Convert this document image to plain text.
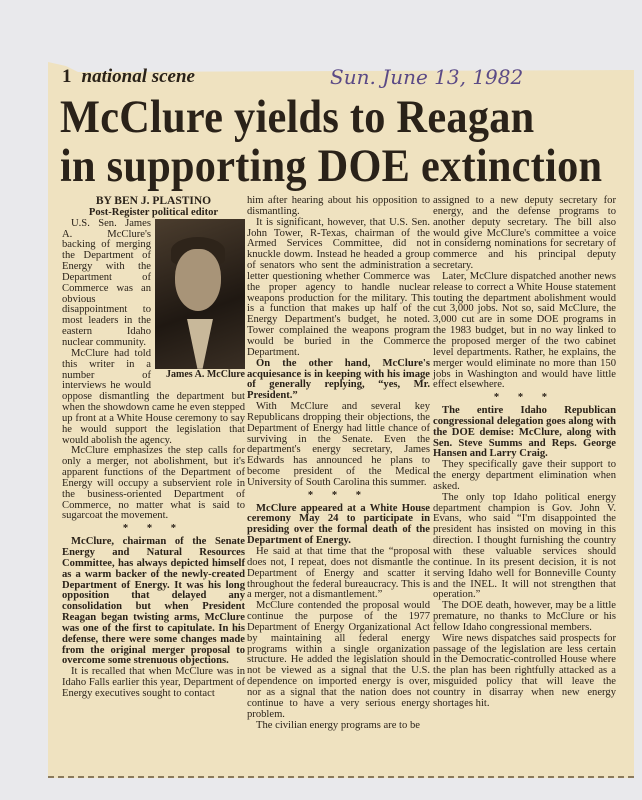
1 national scene	Sun. June 13, 1982
McClure yields to Reagan
in supporting DOE extinction
BY BEN J. PLASTINO
Post-Register political editor
James A. McClure

U.S. Sen. James A. McClure's backing of merging the Department of Energy with the Department of Commerce was an obvious disappointment to most leaders in the eastern Idaho nuclear community.

McClure had told this writer in a number of interviews he would oppose dismantling the department but when the showdown came he even stepped up front at a White House ceremony to say he would support the legislation that would abolish the agency.

McClure emphasizes the step calls for only a merger, not abolishment, but it's apparent functions of the Department of Energy will occupy a subservient role in the business-oriented Department of Commerce, no matter what is said to sugarcoat the movement.

* * *

McClure, chairman of the Senate Energy and Natural Resources Committee, has always depicted himself as a warm backer of the newly-created Department of Energy. It was his long opposition that delayed any consolidation but when President Reagan began twisting arms, McClure was one of the first to capitulate. In his defense, there were some changes made from the original merger proposal to overcome some strenuous objections.

It is recalled that when McClure was in Idaho Falls earlier this year, Department of Energy executives sought to contact

him after hearing about his opposition to dismantling.

It is significant, however, that U.S. Sen. John Tower, R-Texas, chairman of the Armed Services Committee, did not knuckle dowm. Instead he headed a group of senators who sent the administration a letter questioning whether Commerce was the proper agency to handle nuclear weapons production for the military. This is a function that makes up half of the Energy Department's budget, he noted. Tower complained the weapons program would be buried in the Commerce Department.

On the other hand, McClure's acquiesance is in keeping with his image of generally replying, “yes, Mr. President.”

With McClure and several key Republicans dropping their objections, the Department of Energy had little chance of surviving in the Senate. Even the department's energy secretary, James Edwards has announced he plans to become president of the Medical University of South Carolina this summer.

* * *

McClure appeared at a White House ceremony May 24 to participate in presiding over the formal death of the Department of Energy.

He said at that time that the “proposal does not, I repeat, does not dismantle the Department of Energy and scatter it throughout the federal bureaucracy. This is a merger, not a dismantlement.”

McClure contended the proposal would continue the purpose of the 1977 Department of Energy Organizational Act by maintaining all federal energy programs within a single organization structure. He added the legislation should not be viewed as a signal that the U.S. dependence on imported energy is over, nor as a signal that the nation does not continue to have a very serious energy problem.

The civilian energy programs are to be

assigned to a new deputy secretary for energy, and the defense programs to another deputy secretary. The bill also would give McClure's committee a voice in considerng nominations for secretary of commerce and his principal deputy secretary.

Later, McClure dispatched another news release to correct a White House statement touting the department abolishment would cut 3,000 jobs. Not so, said McClure, the 3,000 cut are in some DOE programs in the 1983 budget, but in no way linked to the proposed merger of the two cabinet level departments. Rather, he explains, the merger would eliminate no more than 150 jobs in Washington and would have little effect elsewhere.

* * *

The entire Idaho Republican congressional delegation goes along with the DOE demise: McClure, along with Sen. Steve Summs and Reps. George Hansen and Larry Craig.

They specifically gave their support to the energy department elimination when asked.

The only top Idaho political energy department champion is Gov. John V. Evans, who said “I'm disappointed the president has insisted on moving in this direction. I thought furnishing the country with these valuable services should continue. In its present decision, it is not serving Idaho well for Bonneville County and the INEL. It will not strengthen that operation.”

The DOE death, however, may be a little premature, no thanks to McClure or his fellow Idaho congressional members.

Wire news dispatches said prospects for passage of the legislation are less certain in the Democratic-controlled House where the plan has been rightfully attacked as a misguided policy that will leave the country in disarray when new energy shortages hit.
